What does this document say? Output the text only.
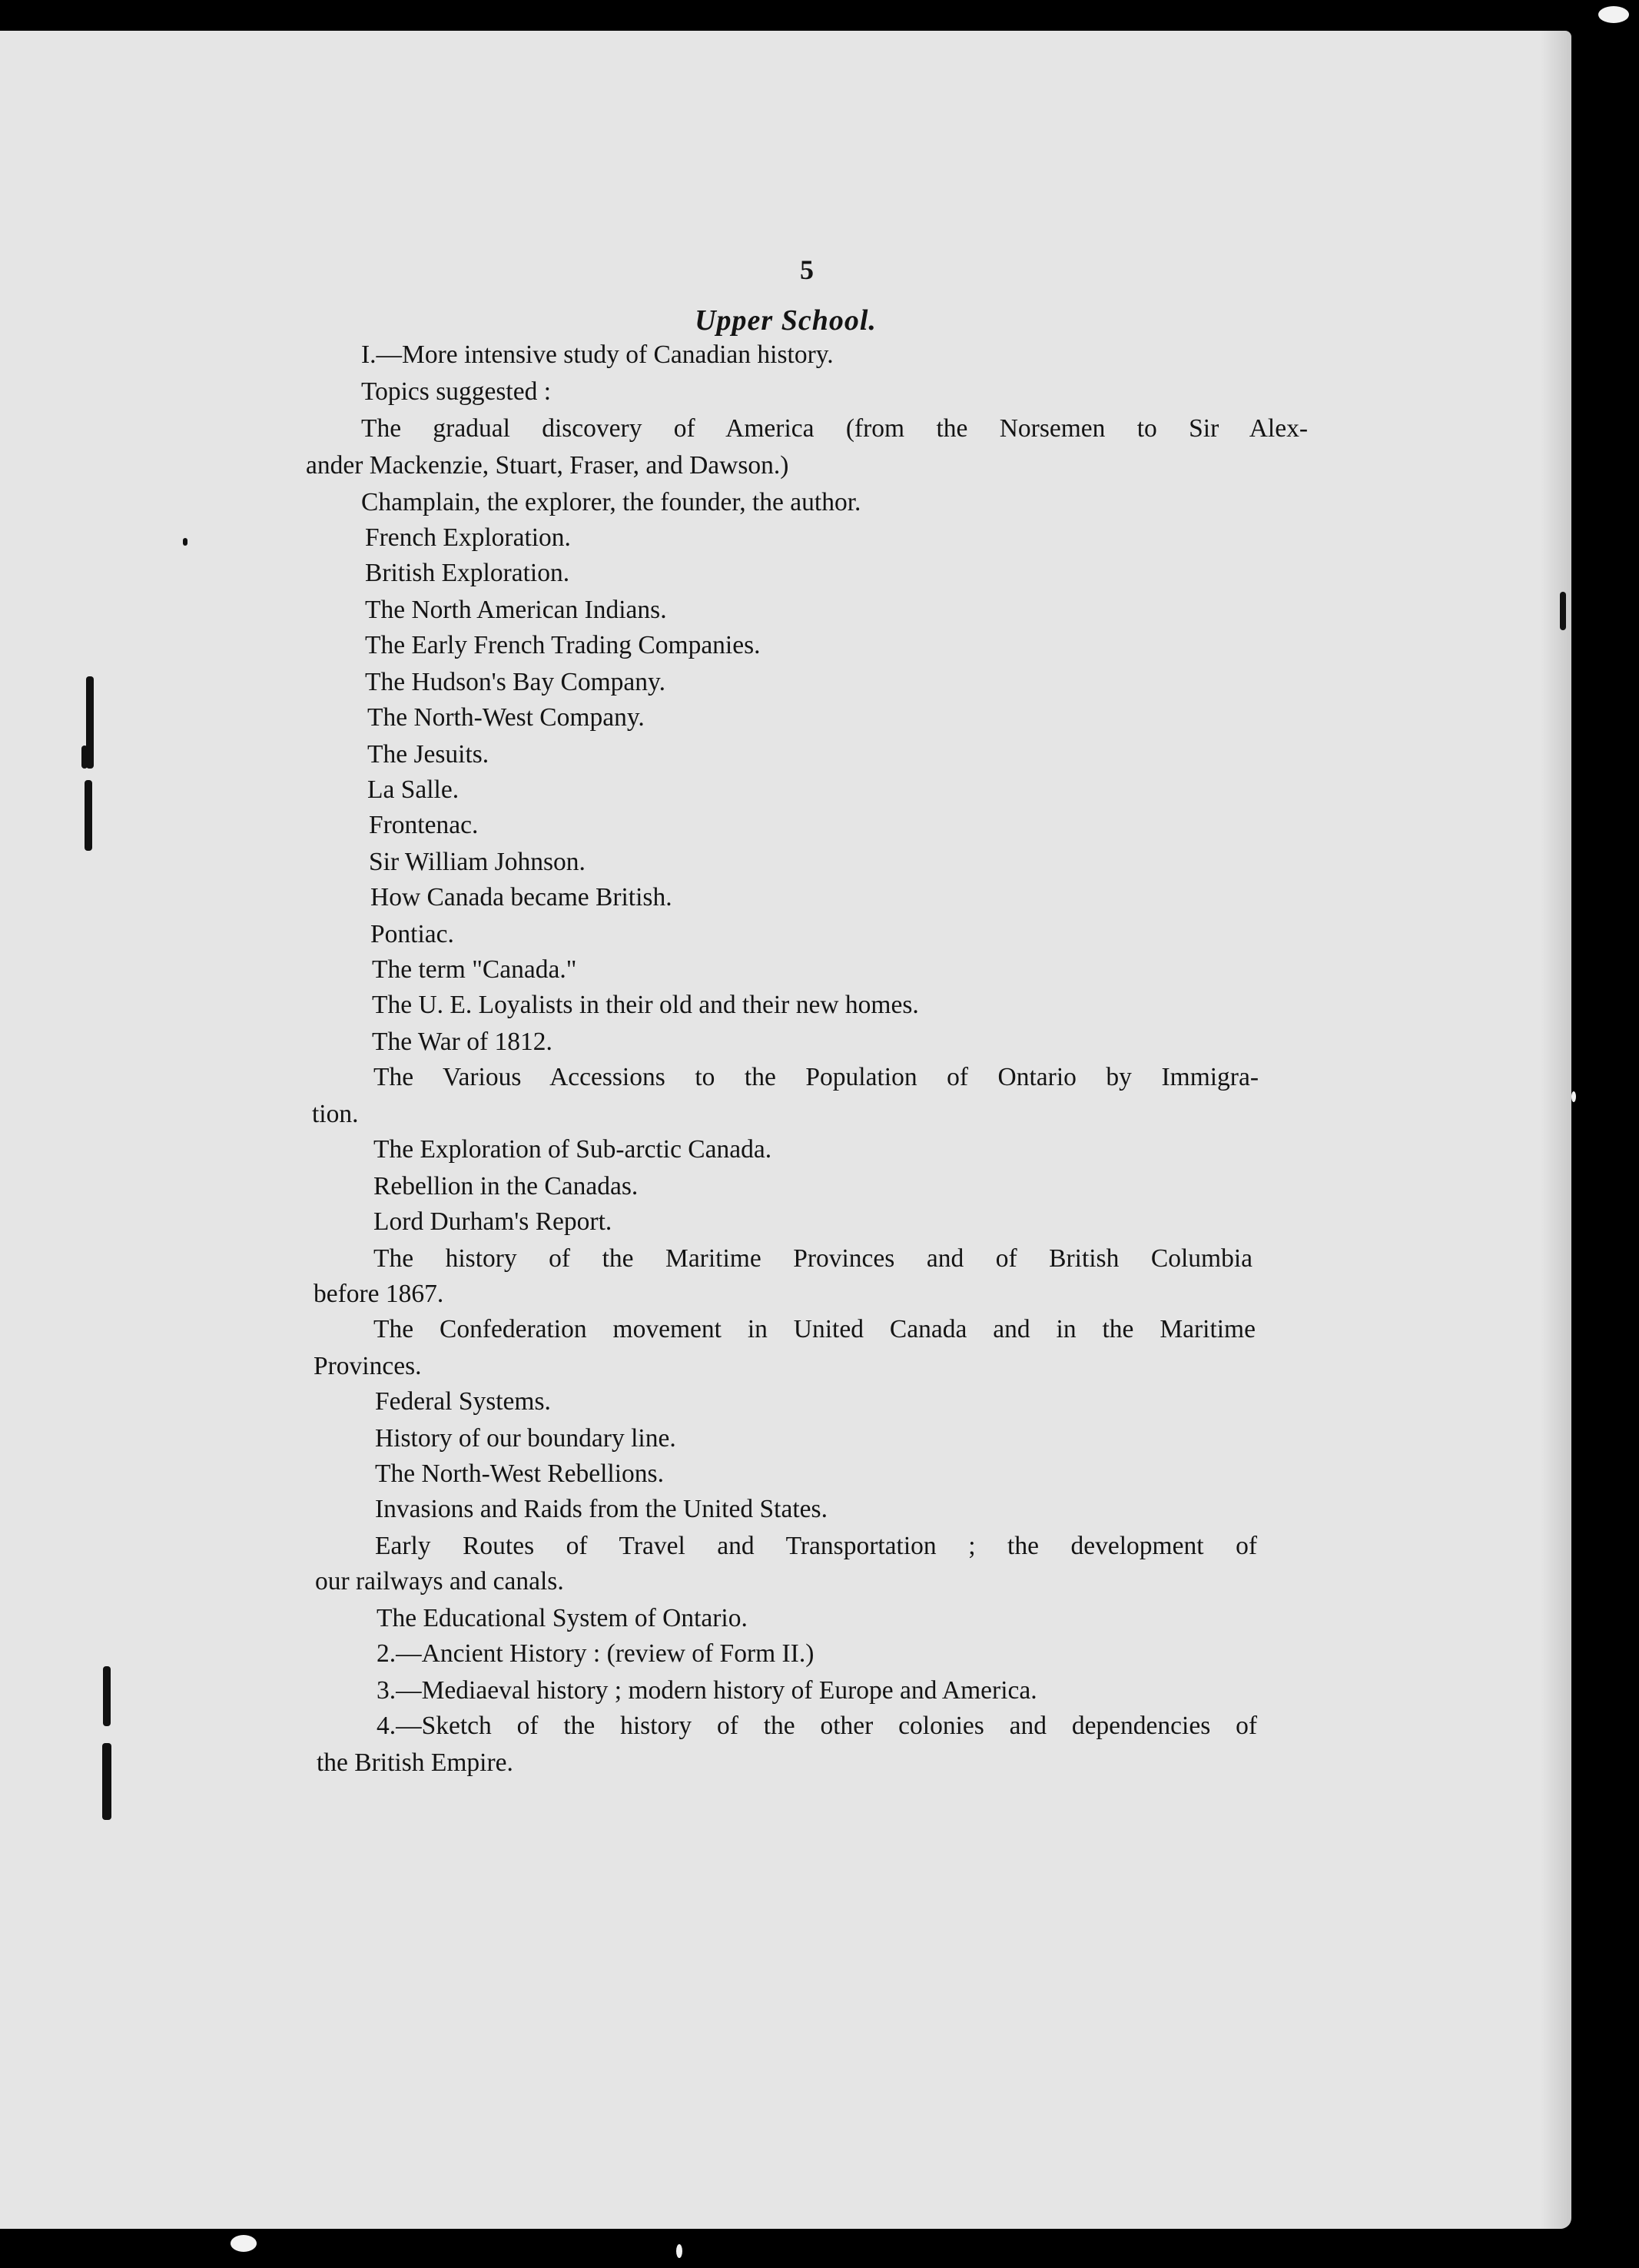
5
Upper School.
I.—More intensive study of Canadian history.
Topics suggested :
The gradual discovery of America (from the Norsemen to Sir Alex-
ander Mackenzie, Stuart, Fraser, and Dawson.)
Champlain, the explorer, the founder, the author.
French Exploration.
British Exploration.
The North American Indians.
The Early French Trading Companies.
The Hudson's Bay Company.
The North-West Company.
The Jesuits.
La Salle.
Frontenac.
Sir William Johnson.
How Canada became British.
Pontiac.
The term "Canada."
The U. E. Loyalists in their old and their new homes.
The War of 1812.
The Various Accessions to the Population of Ontario by Immigra-
tion.
The Exploration of Sub-arctic Canada.
Rebellion in the Canadas.
Lord Durham's Report.
The history of the Maritime Provinces and of British Columbia
before 1867.
The Confederation movement in United Canada and in the Maritime
Provinces.
Federal Systems.
History of our boundary line.
The North-West Rebellions.
Invasions and Raids from the United States.
Early Routes of Travel and Transportation ; the development of
our railways and canals.
The Educational System of Ontario.
2.—Ancient History : (review of Form II.)
3.—Mediaeval history ; modern history of Europe and America.
4.—Sketch of the history of the other colonies and dependencies of
the British Empire.
